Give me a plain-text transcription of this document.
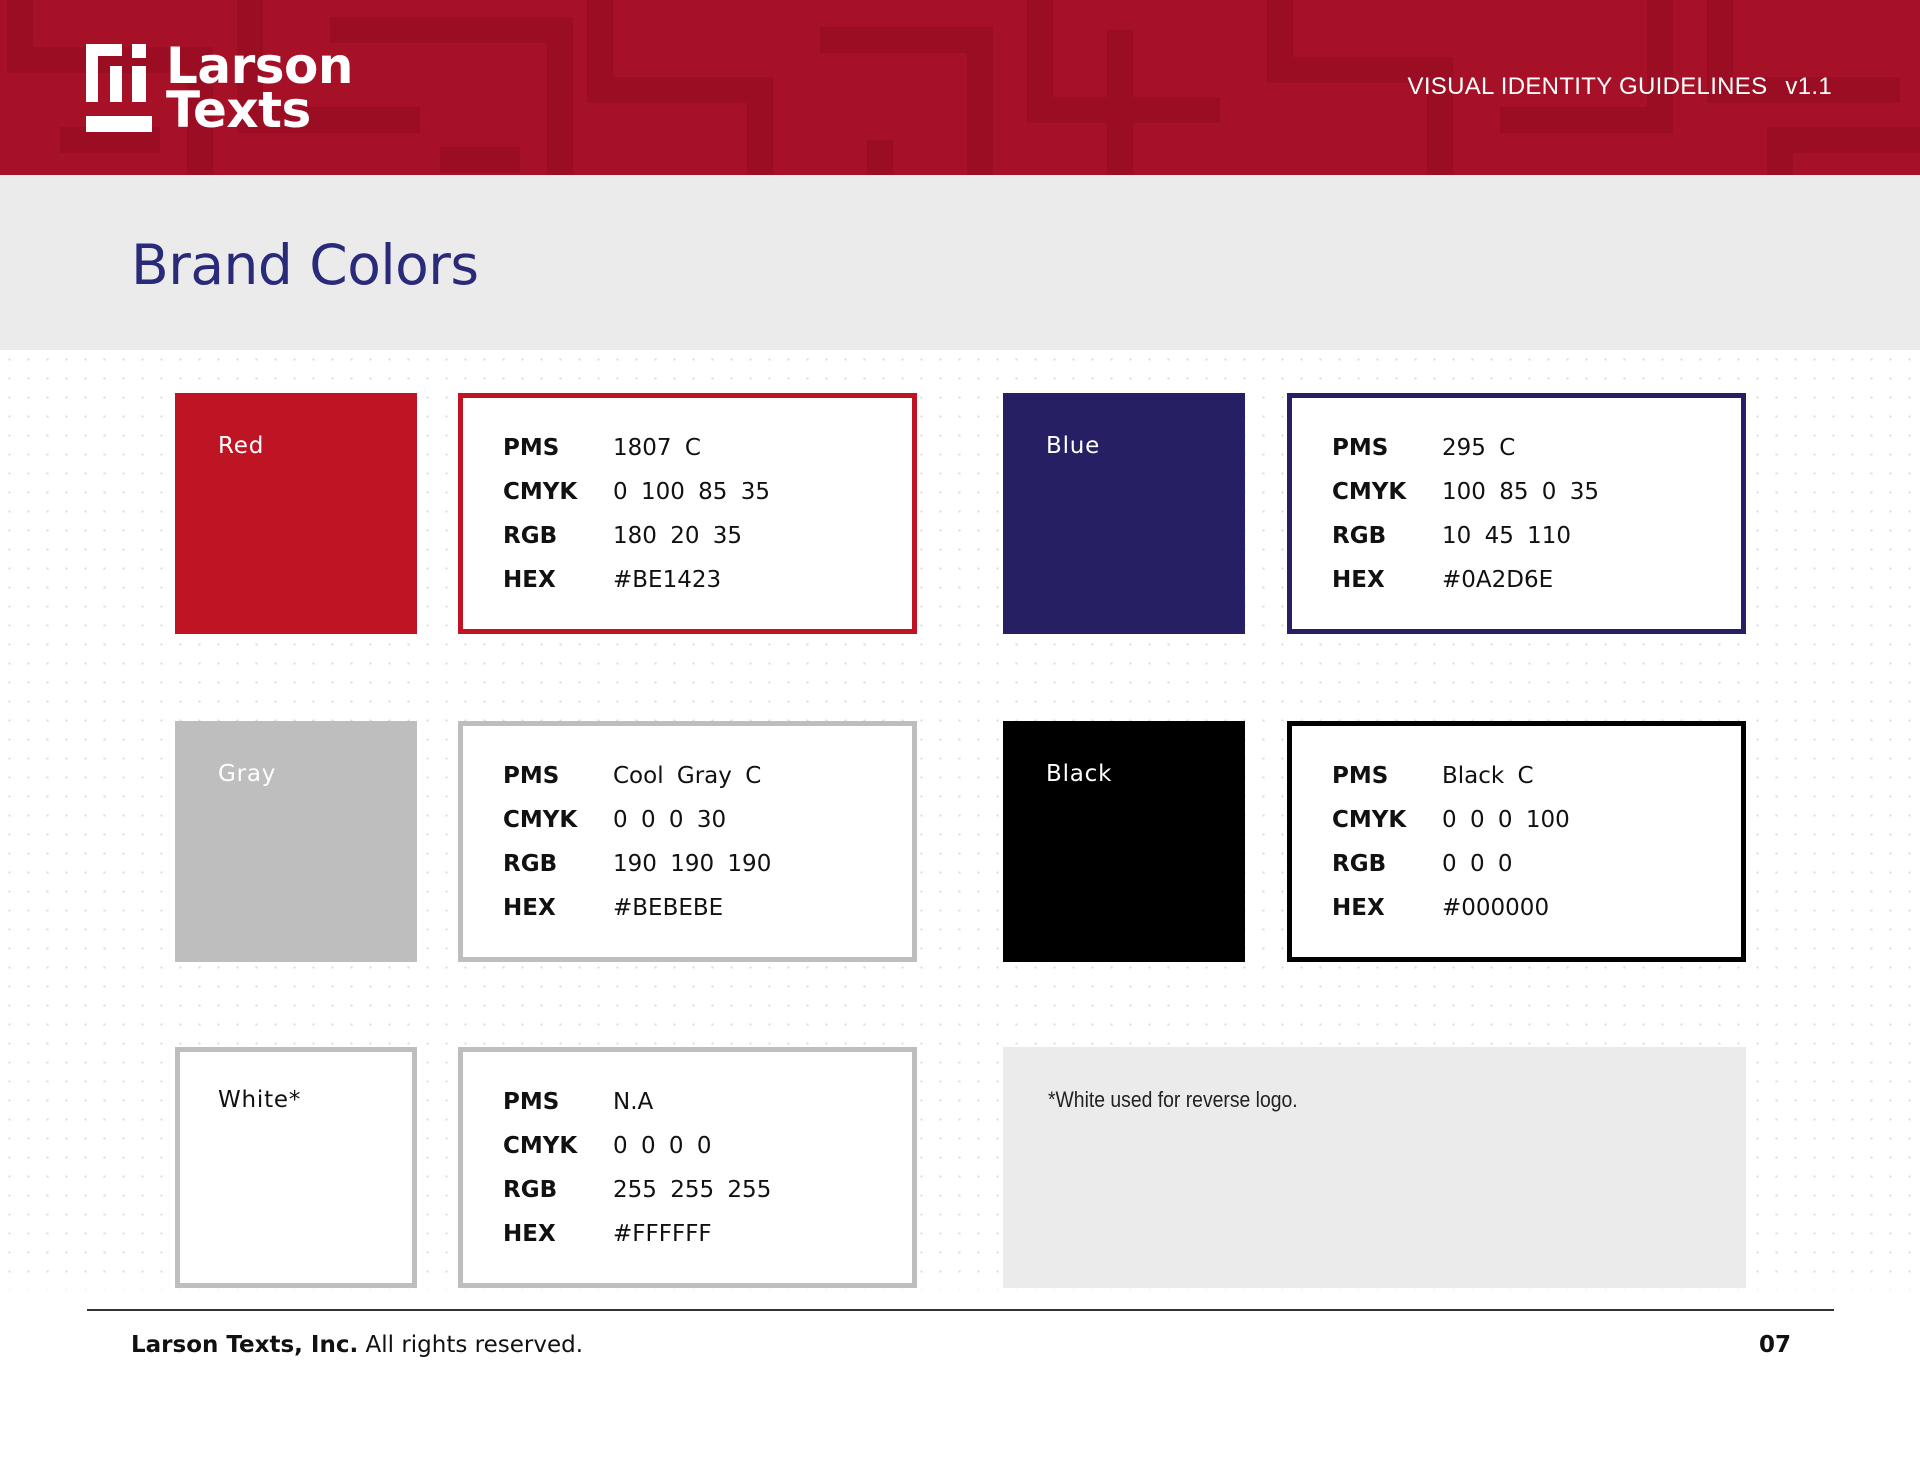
Larson
Texts	VISUAL IDENTITY GUIDELINES v1.1
Brand Colors
Red	PMS	1807 C
CMYK	0 100 85 35
RGB	180 20 35
HEX	#BE1423
Blue	PMS	295 C
CMYK	100 85 0 35
RGB	10 45 110
HEX	#0A2D6E
Gray	PMS	Cool Gray C
CMYK	0 0 0 30
RGB	190 190 190
HEX	#BEBEBE
Black	PMS	Black C
CMYK	0 0 0 100
RGB	0 0 0
HEX	#000000
White*	PMS	N.A
CMYK	0 0 0 0
RGB	255 255 255
HEX	#FFFFFF
*White used for reverse logo.
Larson Texts, Inc. All rights reserved.	07
